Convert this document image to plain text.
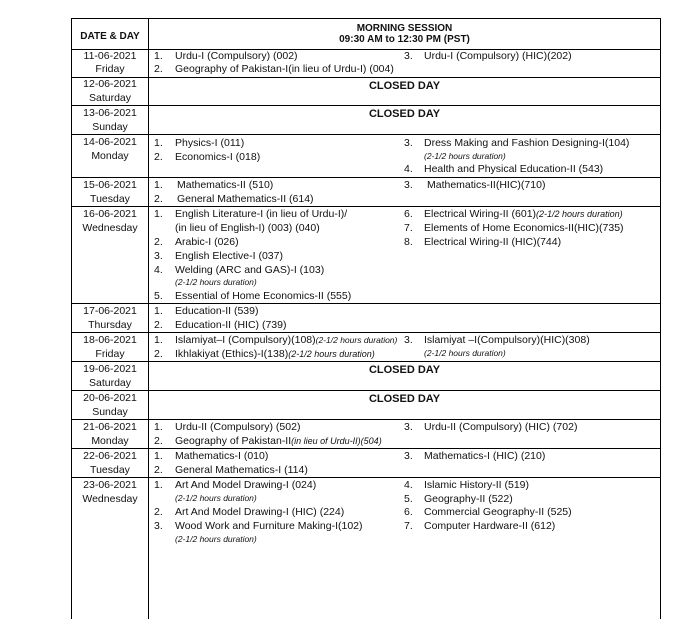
DATE & DAY
MORNING SESSION
09:30 AM to 12:30 PM (PST)
11-06-2021
Friday
1. Urdu-I (Compulsory) (002)
2. Geography of Pakistan-I(in lieu of Urdu-I) (004)
3. Urdu-I (Compulsory) (HIC)(202)
12-06-2021
Saturday
CLOSED DAY
13-06-2021
Sunday
CLOSED DAY
14-06-2021
Monday
1. Physics-I (011)
2. Economics-I (018)
3. Dress Making and Fashion Designing-I(104)
(2-1/2 hours duration)
4. Health and Physical Education-II (543)
15-06-2021
Tuesday
1. Mathematics-II (510)
2. General Mathematics-II (614)
3. Mathematics-II(HIC)(710)
16-06-2021
Wednesday
1. English Literature-I (in lieu of Urdu-I)/
(in lieu of English-I) (003) (040)
2. Arabic-I (026)
3. English Elective-I (037)
4. Welding (ARC and GAS)-I (103)
(2-1/2 hours duration)
5. Essential of Home Economics-II (555)
6. Electrical Wiring-II (601)(2-1/2 hours duration)
7. Elements of Home Economics-II(HIC)(735)
8. Electrical Wiring-II (HIC)(744)
17-06-2021
Thursday
1. Education-II (539)
2. Education-II (HIC) (739)
18-06-2021
Friday
1. Islamiyat–I (Compulsory)(108)(2-1/2 hours duration)
2. Ikhlakiyat (Ethics)-I(138)(2-1/2 hours duration)
3. Islamiyat –I(Compulsory)(HIC)(308)
(2-1/2 hours duration)
19-06-2021
Saturday
CLOSED DAY
20-06-2021
Sunday
CLOSED DAY
21-06-2021
Monday
1. Urdu-II (Compulsory) (502)
2. Geography of Pakistan-II(in lieu of Urdu-II)(504)
3. Urdu-II (Compulsory) (HIC) (702)
22-06-2021
Tuesday
1. Mathematics-I (010)
2. General Mathematics-I (114)
3. Mathematics-I (HIC) (210)
23-06-2021
Wednesday
1. Art And Model Drawing-I (024)
(2-1/2 hours duration)
2. Art And Model Drawing-I (HIC) (224)
3. Wood Work and Furniture Making-I(102)
(2-1/2 hours duration)
4. Islamic History-II (519)
5. Geography-II (522)
6. Commercial Geography-II (525)
7. Computer Hardware-II (612)
